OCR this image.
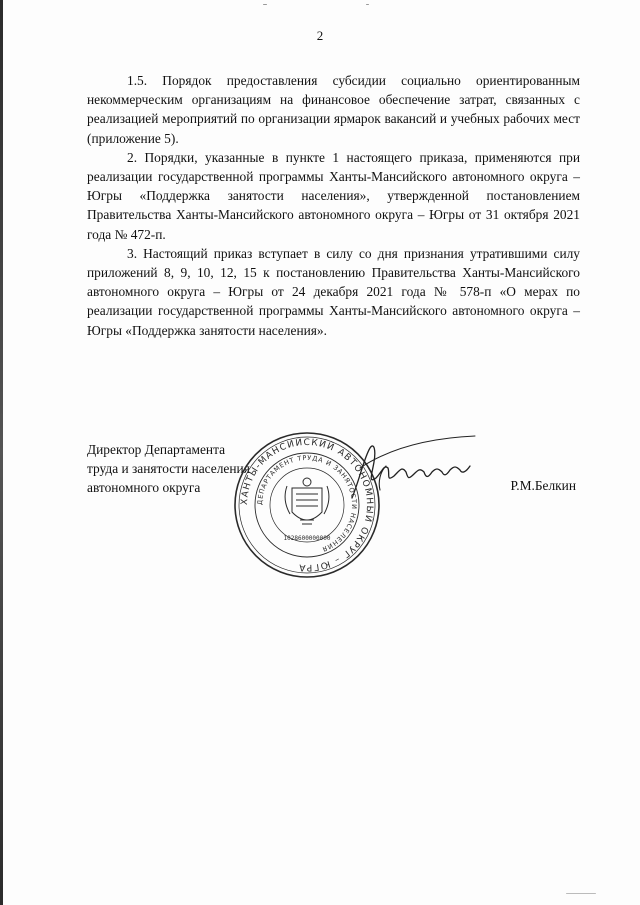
2

1.5. Порядок предоставления субсидии социально ориентированным некоммерческим организациям на финансовое обеспечение затрат, связанных с реализацией мероприятий по организации ярмарок вакансий и учебных рабочих мест (приложение 5).

2. Порядки, указанные в пункте 1 настоящего приказа, применяются при реализации государственной программы Ханты-Мансийского автономного округа – Югры «Поддержка занятости населения», утвержденной постановлением Правительства Ханты-Мансийского автономного округа – Югры от 31 октября 2021 года № 472-п.

3. Настоящий приказ вступает в силу со дня признания утратившими силу приложений 8, 9, 10, 12, 15 к постановлению Правительства Ханты-Мансийского автономного округа – Югры от 24 декабря 2021 года № 578-п «О мерах по реализации государственной программы Ханты-Мансийского автономного округа – Югры «Поддержка занятости населения».

Директор Департамента
труда и занятости населения
автономного округа	Р.М.Белкин
ХАНТЫ-МАНСИЙСКИЙ АВТОНОМНЫЙ ОКРУГ – ЮГРА
ДЕПАРТАМЕНТ ТРУДА И ЗАНЯТОСТИ НАСЕЛЕНИЯ
1028600000000
